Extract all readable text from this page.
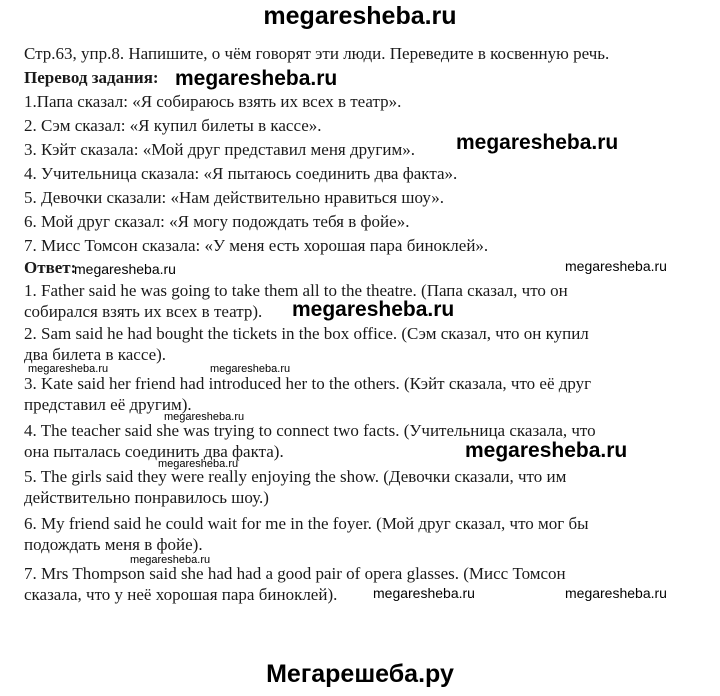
megaresheba.ru
Стр.63, упр.8. Напишите, о чём говорят эти люди. Переведите в косвенную речь.
Перевод задания:
1.Папа сказал: «Я собираюсь взять их всех в театр».
2. Сэм сказал: «Я купил билеты в кассе».
3. Кэйт сказала: «Мой друг представил меня другим».
4. Учительница сказала: «Я пытаюсь соединить два факта».
5. Девочки сказали: «Нам действительно нравиться шоу».
6. Мой друг сказал: «Я могу подождать тебя в фойе».
7. Мисс Томсон сказала: «У меня есть хорошая пара биноклей».
Ответ:
1. Father said he was going to take them all to the theatre. (Папа сказал, что он
собирался взять их всех в театр).
2. Sam said he had bought the tickets in the box office. (Сэм сказал, что он купил
два билета в кассе).
3. Kate said her friend had introduced her to the others. (Кэйт сказала, что её друг
представил её другим).
4. The teacher said she was trying to connect two facts. (Учительница сказала, что
она пыталась соединить два факта).
5. The girls said they were really enjoying the show. (Девочки сказали, что им
действительно понравилось шоу.)
6. My friend said he could wait for me in the foyer. (Мой друг сказал, что мог бы
подождать меня в фойе).
7. Mrs Thompson said she had had a good pair of opera glasses. (Мисс Томсон
сказала, что у неё хорошая пара биноклей).
megaresheba.ru
megaresheba.ru
megaresheba.ru	megaresheba.ru
megaresheba.ru
megaresheba.ru	megaresheba.ru
megaresheba.ru
megaresheba.ru
megaresheba.ru
megaresheba.ru
megaresheba.ru	megaresheba.ru
Мегарешеба.ру
